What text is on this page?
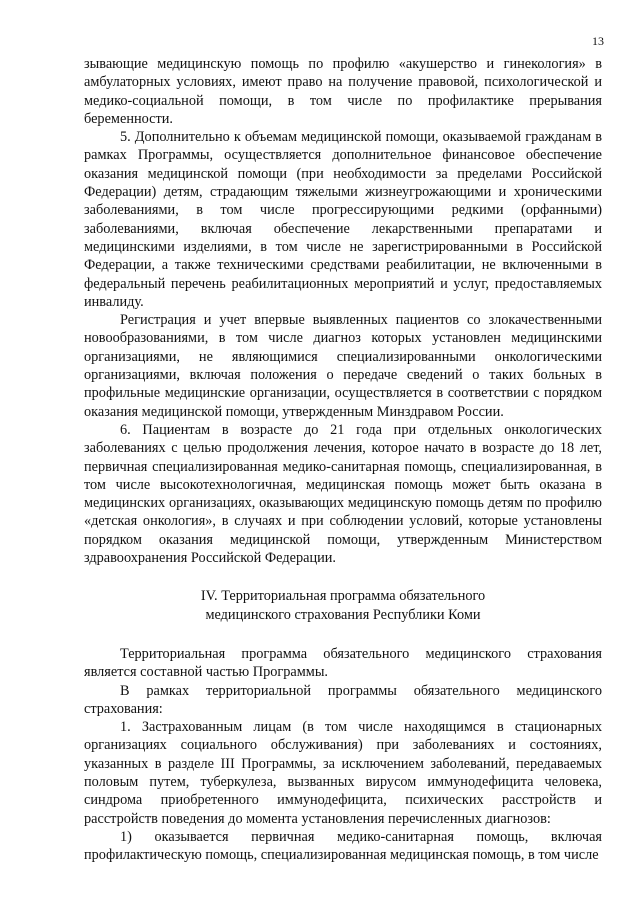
13

зывающие медицинскую помощь по профилю «акушерство и гинекология» в амбулаторных условиях, имеют право на получение правовой, психологической и медико-социальной помощи, в том числе по профилактике прерывания беременности.

5. Дополнительно к объемам медицинской помощи, оказываемой гражданам в рамках Программы, осуществляется дополнительное финансовое обеспечение оказания медицинской помощи (при необходимости за пределами Российской Федерации) детям, страдающим тяжелыми жизнеугрожающими и хроническими заболеваниями, в том числе прогрессирующими редкими (орфанными) заболеваниями, включая обеспечение лекарственными препаратами и медицинскими изделиями, в том числе не зарегистрированными в Российской Федерации, а также техническими средствами реабилитации, не включенными в федеральный перечень реабилитационных мероприятий и услуг, предоставляемых инвалиду.

Регистрация и учет впервые выявленных пациентов со злокачественными новообразованиями, в том числе диагноз которых установлен медицинскими организациями, не являющимися специализированными онкологическими организациями, включая положения о передаче сведений о таких больных в профильные медицинские организации, осуществляется в соответствии с порядком оказания медицинской помощи, утвержденным Минздравом России.

6. Пациентам в возрасте до 21 года при отдельных онкологических заболеваниях с целью продолжения лечения, которое начато в возрасте до 18 лет, первичная специализированная медико-санитарная помощь, специализированная, в том числе высокотехнологичная, медицинская помощь может быть оказана в медицинских организациях, оказывающих медицинскую помощь детям по профилю «детская онкология», в случаях и при соблюдении условий, которые установлены порядком оказания медицинской помощи, утвержденным Министерством здравоохранения Российской Федерации.

IV. Территориальная программа обязательного
медицинского страхования Республики Коми

Территориальная программа обязательного медицинского страхования является составной частью Программы.

В рамках территориальной программы обязательного медицинского страхования:

1. Застрахованным лицам (в том числе находящимся в стационарных организациях социального обслуживания) при заболеваниях и состояниях, указанных в разделе III Программы, за исключением заболеваний, передаваемых половым путем, туберкулеза, вызванных вирусом иммунодефицита человека, синдрома приобретенного иммунодефицита, психических расстройств и расстройств поведения до момента установления перечисленных диагнозов:

1) оказывается первичная медико-санитарная помощь, включая профилактическую помощь, специализированная медицинская помощь, в том числе
